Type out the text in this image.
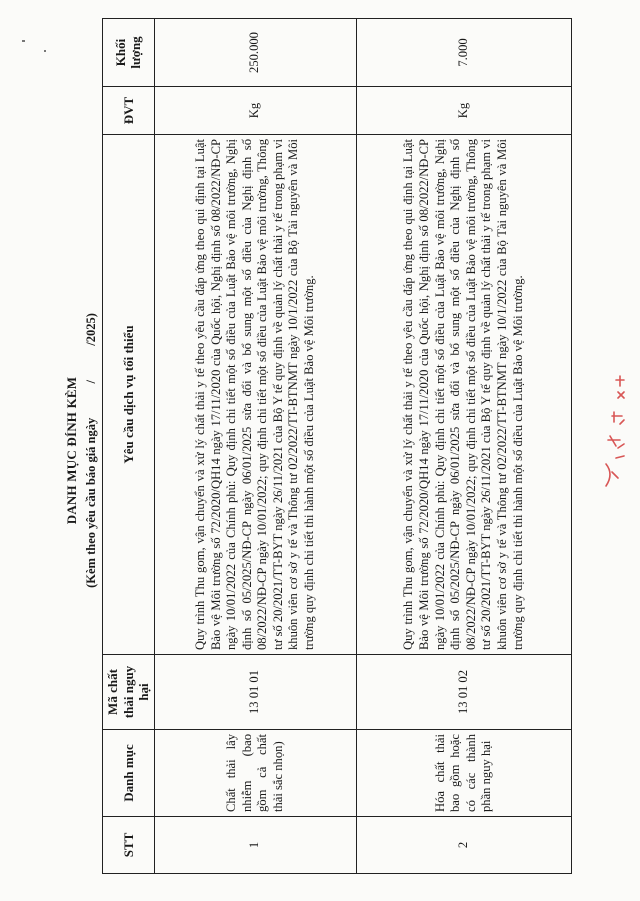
DANH MỤC ĐÍNH KÈM (Kèm theo yêu cầu báo giá ngày  /  /2025)
STT	Danh mục	Mã chất thải nguy hại	Yêu cầu dịch vụ tối thiểu	ĐVT	Khối lượng
1	Chất thải lây nhiễm (bao gồm cả chất thải sắc nhọn)	13 01 01	Quy trình Thu gom, vận chuyển và xử lý chất thải y tế theo yêu cầu đáp ứng theo qui định tại Luật Bảo vệ Môi trường số 72/2020/QH14 ngày 17/11/2020 của Quốc hội, Nghị định số 08/2022/NĐ-CP ngày 10/01/2022 của Chính phủ: Quy định chi tiết một số điều của Luật Bảo vệ môi trường, Nghị định số 05/2025/NĐ-CP ngày 06/01/2025 sửa đổi và bổ sung một số điều của Nghị định số 08/2022/NĐ-CP ngày 10/01/2022; quy định chi tiết một số điều của Luật Bảo vệ môi trường, Thông tư số 20/2021/TT-BYT ngày 26/11/2021 của Bộ Y tế quy định về quản lý chất thải y tế trong phạm vi khuôn viên cơ sở y tế và Thông tư 02/2022/TT-BTNMT ngày 10/1/2022 của Bộ Tài nguyên và Môi trường quy định chi tiết thi hành một số điều của Luật Bảo vệ Môi trường.	Kg	250.000
2	Hóa chất thải bao gồm hoặc có các thành phần nguy hại	13 01 02	Quy trình Thu gom, vận chuyển và xử lý chất thải y tế theo yêu cầu đáp ứng theo qui định tại Luật Bảo vệ Môi trường số 72/2020/QH14 ngày 17/11/2020 của Quốc hội, Nghị định số 08/2022/NĐ-CP ngày 10/01/2022 của Chính phủ: Quy định chi tiết một số điều của Luật Bảo vệ môi trường, Nghị định số 05/2025/NĐ-CP ngày 06/01/2025 sửa đổi và bổ sung một số điều của Nghị định số 08/2022/NĐ-CP ngày 10/01/2022; quy định chi tiết một số điều của Luật Bảo vệ môi trường, Thông tư số 20/2021/TT-BYT ngày 26/11/2021 của Bộ Y tế quy định về quản lý chất thải y tế trong phạm vi khuôn viên cơ sở y tế và Thông tư 02/2022/TT-BTNMT ngày 10/1/2022 của Bộ Tài nguyên và Môi trường quy định chi tiết thi hành một số điều của Luật Bảo vệ Môi trường.	Kg	7.000
